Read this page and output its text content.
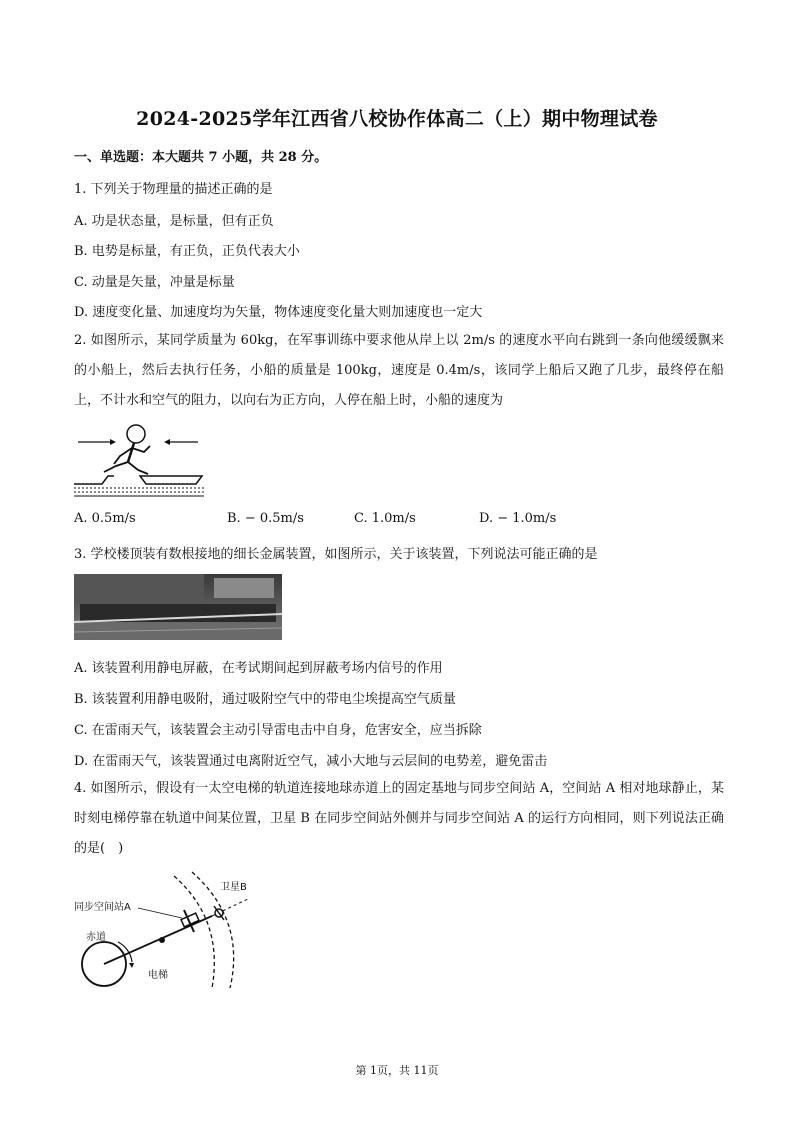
2024-2025学年江西省八校协作体高二（上）期中物理试卷
一、单选题：本大题共 7 小题，共 28 分。
1. 下列关于物理量的描述正确的是
A. 功是状态量，是标量，但有正负
B. 电势是标量，有正负，正负代表大小
C. 动量是矢量，冲量是标量
D. 速度变化量、加速度均为矢量，物体速度变化量大则加速度也一定大
2. 如图所示，某同学质量为 60kg，在军事训练中要求他从岸上以 2m/s 的速度水平向右跳到一条向他缓缓飘来的小船上，然后去执行任务，小船的质量是 100kg，速度是 0.4m/s，该同学上船后又跑了几步，最终停在船上，不计水和空气的阻力，以向右为正方向，人停在船上时，小船的速度为
A. 0.5m/s	B. − 0.5m/s	C. 1.0m/s	D. − 1.0m/s
3. 学校楼顶装有数根接地的细长金属装置，如图所示，关于该装置，下列说法可能正确的是
A. 该装置利用静电屏蔽，在考试期间起到屏蔽考场内信号的作用
B. 该装置利用静电吸附，通过吸附空气中的带电尘埃提高空气质量
C. 在雷雨天气，该装置会主动引导雷电击中自身，危害安全，应当拆除
D. 在雷雨天气，该装置通过电离附近空气，减小大地与云层间的电势差，避免雷击
4. 如图所示，假设有一太空电梯的轨道连接地球赤道上的固定基地与同步空间站 A，空间站 A 相对地球静止，某时刻电梯停靠在轨道中间某位置，卫星 B 在同步空间站外侧并与同步空间站 A 的运行方向相同，则下列说法正确的是(　)
卫星B
同步空间站A
赤道
电梯
第 1页，共 11页
